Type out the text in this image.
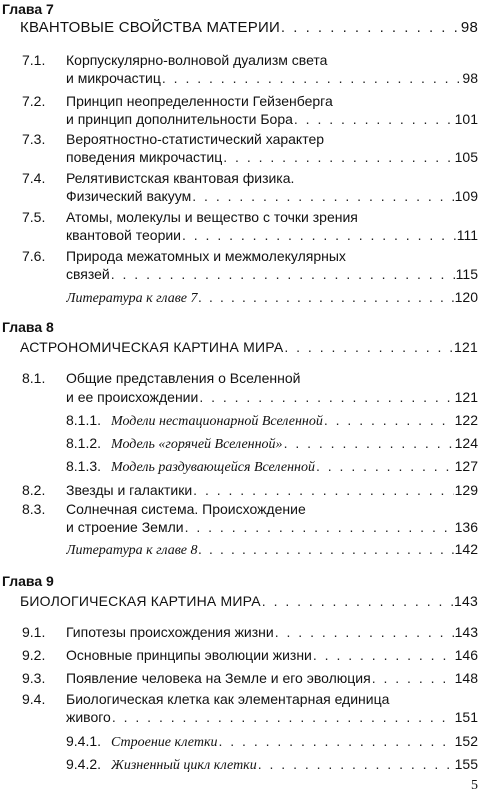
Глава 7
КВАНТОВЫЕ СВОЙСТВА МАТЕРИИ . . .	98
7.1. Корпускулярно-волновой дуализм света
и микрочастиц . . .	98
7.2. Принцип неопределенности Гейзенберга
и принцип дополнительности Бора . . .	101
7.3. Вероятностно-статистический характер
поведения микрочастиц . . .	105
7.4. Релятивистская квантовая физика.
Физический вакуум . . .	109
7.5. Атомы, молекулы и вещество с точки зрения
квантовой теории . . .	111
7.6. Природа межатомных и межмолекулярных
связей . . .	115
Литература к главе 7 . . .	120
Глава 8
АСТРОНОМИЧЕСКАЯ КАРТИНА МИРА . . .	121
8.1. Общие представления о Вселенной
и ее происхождении . . .	121
8.1.1. Модели нестационарной Вселенной . . .	122
8.1.2. Модель «горячей Вселенной» . . .	124
8.1.3. Модель раздувающейся Вселенной . . .	127
8.2. Звезды и галактики . . .	129
8.3. Солнечная система. Происхождение
и строение Земли . . .	136
Литература к главе 8 . . .	142
Глава 9
БИОЛОГИЧЕСКАЯ КАРТИНА МИРА . . .	143
9.1. Гипотезы происхождения жизни . . .	143
9.2. Основные принципы эволюции жизни . . .	146
9.3. Появление человека на Земле и его эволюция . . .	148
9.4. Биологическая клетка как элементарная единица
живого . . .	151
9.4.1. Строение клетки . . .	152
9.4.2. Жизненный цикл клетки . . .	155
5
